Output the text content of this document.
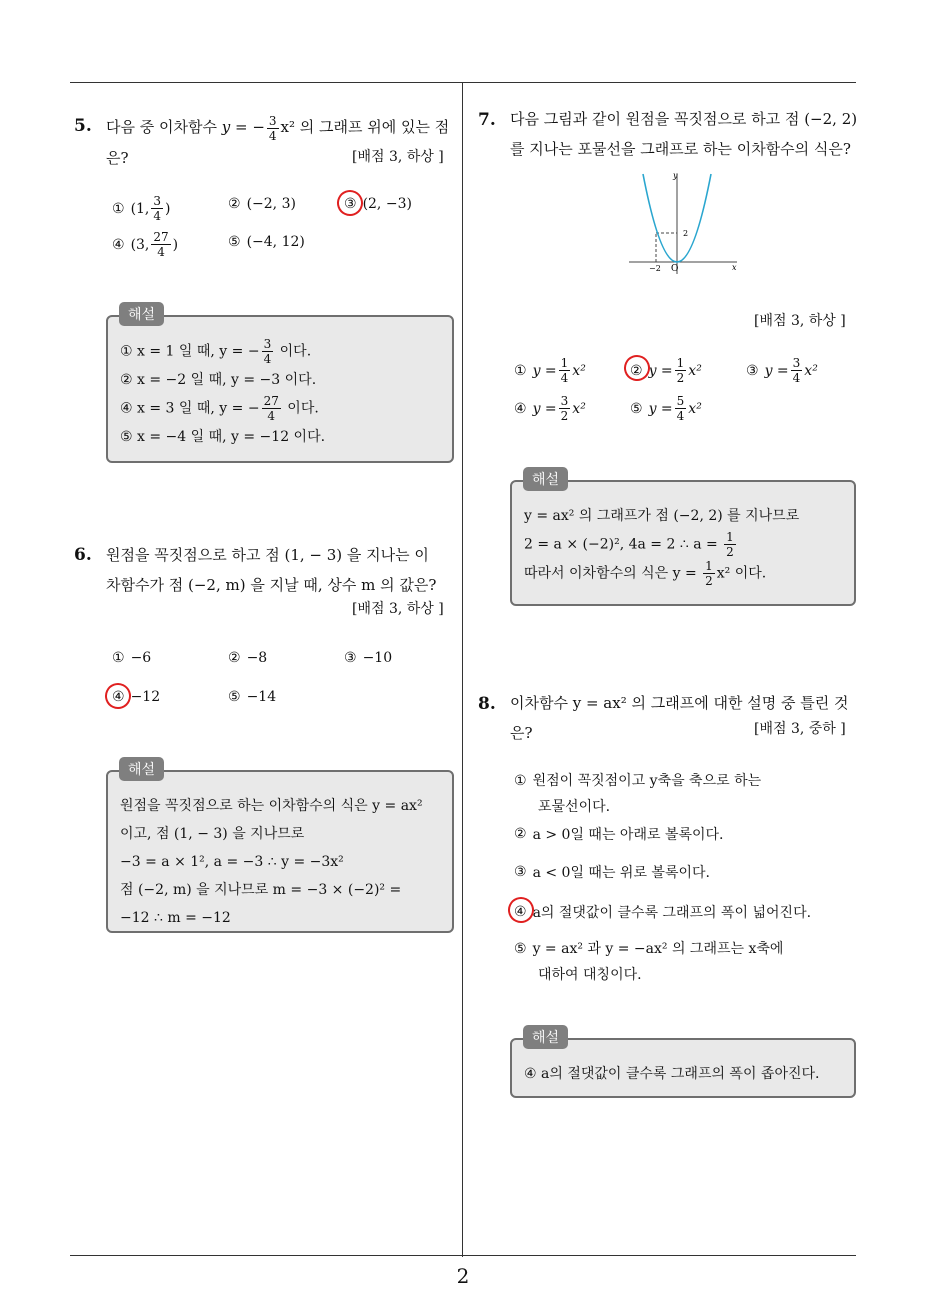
5. 다음 중 이차함수 y = − $\frac{3}{4} x^2$ 의 그래프 위에 있는 점
은?	[배점 3, 하상 ]
① (1, $\frac{3}{4}$ )	② (−2, 3)	③ (2, −3)
④ (3, $\frac{27}{4}$ )	⑤ (−4, 12)
① x = 1 일 때, y = − $\frac{3}{4}$ 이다.
② x = −2 일 때, y = −3 이다.
④ x = 3 일 때, y = − $\frac{27}{4}$ 이다.
⑤ x = −4 일 때, y = −12 이다.
해설
6. 원점을 꼭짓점으로 하고 점 (1, − 3) 을 지나는 이
차함수가 점 (−2, m) 을 지날 때, 상수 m 의 값은?
[배점 3, 하상 ]
① −6	② −8	③ −10
④ −12	⑤ −14
원점을 꼭짓점으로 하는 이차함수의 식은 y = ax²
이고, 점 (1, − 3) 을 지나므로
−3 = a × 1², a = −3 ∴ y = −3x²
점 (−2, m) 을 지나므로 m = −3 × (−2)² =
−12 ∴ m = −12
해설
7. 다음 그림과 같이 원점을 꼭짓점으로 하고 점 (−2, 2)
를 지나는 포물선을 그래프로 하는 이차함수의 식은?
x
y
O
−2
2
[배점 3, 하상 ]
① $y = \frac{1}{4} x^2$	② $y = \frac{1}{2} x^2$	③ $y = \frac{3}{4} x^2$
④ $y = \frac{3}{2} x^2$	⑤ $y = \frac{5}{4} x^2$
y = ax² 의 그래프가 점 (−2, 2) 를 지나므로
2 = a × (−2)², 4a = 2 ∴ $a = \frac{1}{2}$
따라서 이차함수의 식은 $y = \frac{1}{2} x^2$ 이다.
해설
8. 이차함수 y = ax² 의 그래프에 대한 설명 중 틀린 것
은?	[배점 3, 중하 ]
① 원점이 꼭짓점이고 y축을 축으로 하는
포물선이다.
② a > 0일 때는 아래로 볼록이다.
③ a < 0일 때는 위로 볼록이다.
④ a의 절댓값이 클수록 그래프의 폭이 넓어진다.
⑤ y = ax² 과 y = −ax² 의 그래프는 x축에
대하여 대칭이다.
④ a의 절댓값이 클수록 그래프의 폭이 좁아진다.
해설
2
